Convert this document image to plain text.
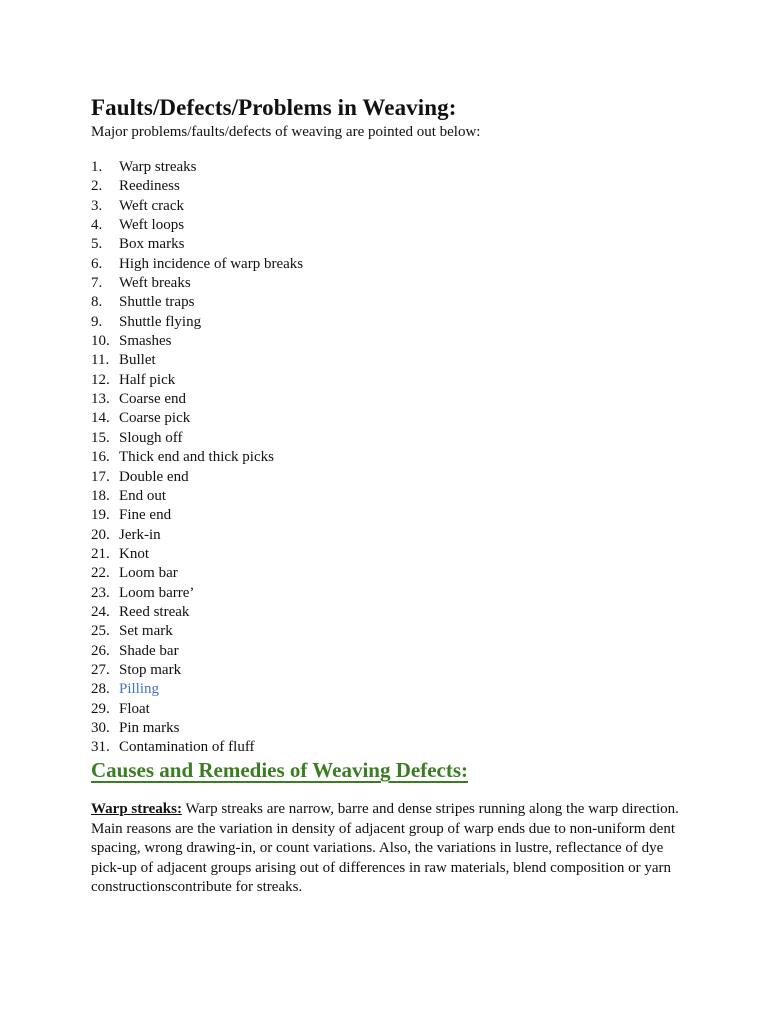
Faults/Defects/Problems in Weaving:

Major problems/faults/defects of weaving are pointed out below:

1. Warp streaks
2. Reediness
3. Weft crack
4. Weft loops
5. Box marks
6. High incidence of warp breaks
7. Weft breaks
8. Shuttle traps
9. Shuttle flying
10. Smashes
11. Bullet
12. Half pick
13. Coarse end
14. Coarse pick
15. Slough off
16. Thick end and thick picks
17. Double end
18. End out
19. Fine end
20. Jerk-in
21. Knot
22. Loom bar
23. Loom barre’
24. Reed streak
25. Set mark
26. Shade bar
27. Stop mark
28. Pilling
29. Float
30. Pin marks
31. Contamination of fluff
Causes and Remedies of Weaving Defects:

Warp streaks: Warp streaks are narrow, barre and dense stripes running along the warp direction. Main reasons are the variation in density of adjacent group of warp ends due to non-uniform dent spacing, wrong drawing-in, or count variations. Also, the variations in lustre, reflectance of dye pick-up of adjacent groups arising out of differences in raw materials, blend composition or yarn constructionscontribute for streaks.
